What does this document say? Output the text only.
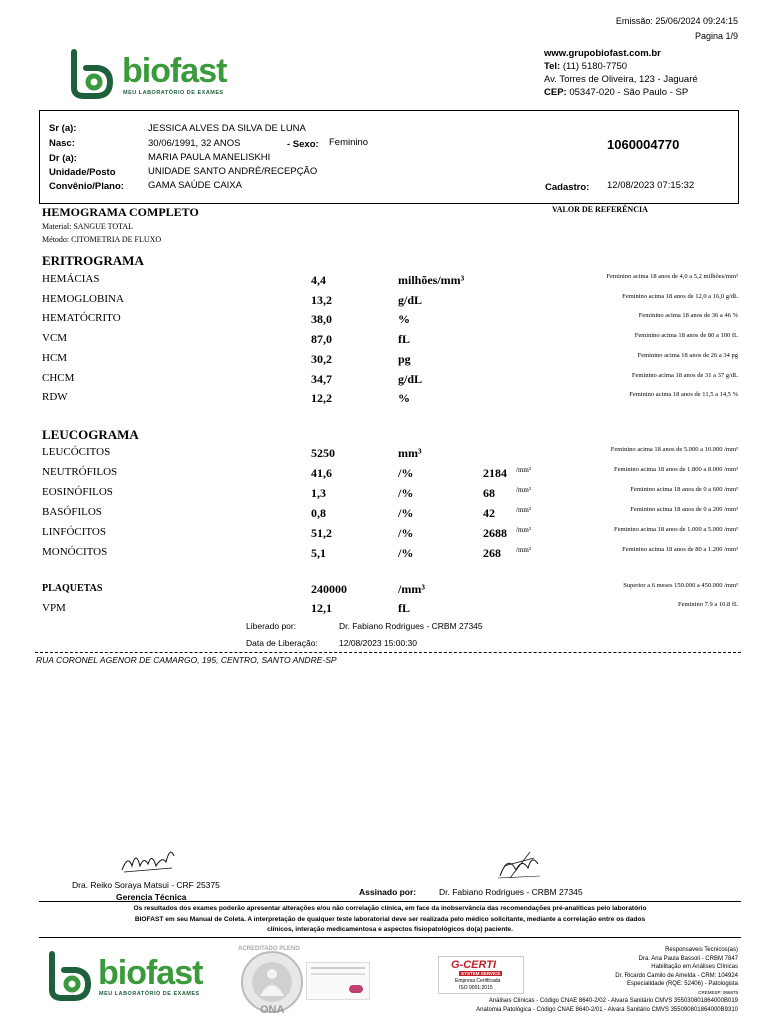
Emissão: 25/06/2024 09:24:15
Pagina 1/9
www.grupobiofast.com.br
Tel: (11) 5180-7750
Av. Torres de Oliveira, 123 - Jaguaré
CEP: 05347-020 - São Paulo - SP
biofast
MEU LABORATÓRIO DE EXAMES
Sr (a):	JESSICA ALVES DA SILVA DE LUNA
Nasc:	30/06/1991, 32 ANOS	- Sexo: Feminino
Dr (a):	MARIA PAULA MANELISKHI
Unidade/Posto	UNIDADE SANTO ANDRÉ/RECEPÇÃO
Convênio/Plano:	GAMA SAÚDE CAIXA
1060004770
Cadastro: 12/08/2023 07:15:32
HEMOGRAMA COMPLETO	VALOR DE REFERÊNCIA
Material: SANGUE TOTAL
Método: CITOMETRIA DE FLUXO
ERITROGRAMA
HEMÁCIAS	4,4	milhões/mm³	Feminino acima 18 anos de 4,0 a 5,2 milhões/mm³
HEMOGLOBINA	13,2	g/dL	Feminino acima 18 anos de 12,0 a 16,0 g/dL
HEMATÓCRITO	38,0	%	Feminino acima 18 anos de 36 a 46 %
VCM	87,0	fL	Feminino acima 18 anos de 80 a 100 fL
HCM	30,2	pg	Feminino acima 18 anos de 26 a 34 pg
CHCM	34,7	g/dL	Feminino acima 18 anos de 31 a 37 g/dL
RDW	12,2	%	Feminino acima 18 anos de 11,5 a 14,5 %
LEUCOGRAMA
LEUCÓCITOS	5250	mm³	Feminino acima 18 anos de 5.000 a 10.000 /mm³
NEUTRÓFILOS	41,6	/%	2184 /mm³	Feminino acima 18 anos de 1.800 a 8.000 /mm³
EOSINÓFILOS	1,3	/%	68	/mm³	Feminino acima 18 anos de 0 a 600 /mm³
BASÓFILOS	0,8	/%	42	/mm³	Feminino acima 18 anos de 0 a 200 /mm³
LINFÓCITOS	51,2	/%	2688 /mm³	Feminino acima 18 anos de 1.000 a 5.000 /mm³
MONÓCITOS	5,1	/%	268 /mm³	Feminino acima 18 anos de 80 a 1.200 /mm³
PLAQUETAS	240000	/mm³	Superior a 6 meses 150.000 a 450.000 /mm³
VPM	12,1	fL	Feminino 7.9 a 10.8 fL
Liberado por:	Dr. Fabiano Rodrigues - CRBM 27345
Data de Liberação: 12/08/2023 15:00:30
RUA CORONEL AGENOR DE CAMARGO, 195, CENTRO, SANTO ANDRE-SP
Dra. Reiko Soraya Matsui - CRF 25375
Gerencia Técnica	Assinado por:	Dr. Fabiano Rodrigues - CRBM 27345
Os resultados dos exames poderão apresentar alterações e/ou não correlação clínica, em face da inobservância das recomendações pré-analíticas pelo laboratório
BIOFAST em seu Manual de Coleta. A interpretação de qualquer teste laboratorial deve ser realizada pelo médico solicitante, mediante a correlação entre os dados
clínicos, interação medicamentosa e aspectos fisiopatológicos do(a) paciente.
biofast
MEU LABORATÓRIO DE EXAMES
ACREDITADO PLENO
ONA
G-CERTI
SYSTEM SERVICE
Empresa Certificada
ISO 9001:2015
Responsaveis Tecnicos(as)
Dra. Ana Paula Bassoli - CRBM 7847
Habilitação em Análises Clínicas
Dr. Ricardo Camilo de Amelda - CRM: 104924
Especialidade (RQE: 52406) - Patologista
CREMESP: 956675
Análises Clínicas - Código CNAE 8640-2/02 - Alvará Sanitário CMVS 355030801864000B019
Anatomia Patológica - Código CNAE 8640-2/01 - Alvará Sanitário CMVS 355090801864000B9310
